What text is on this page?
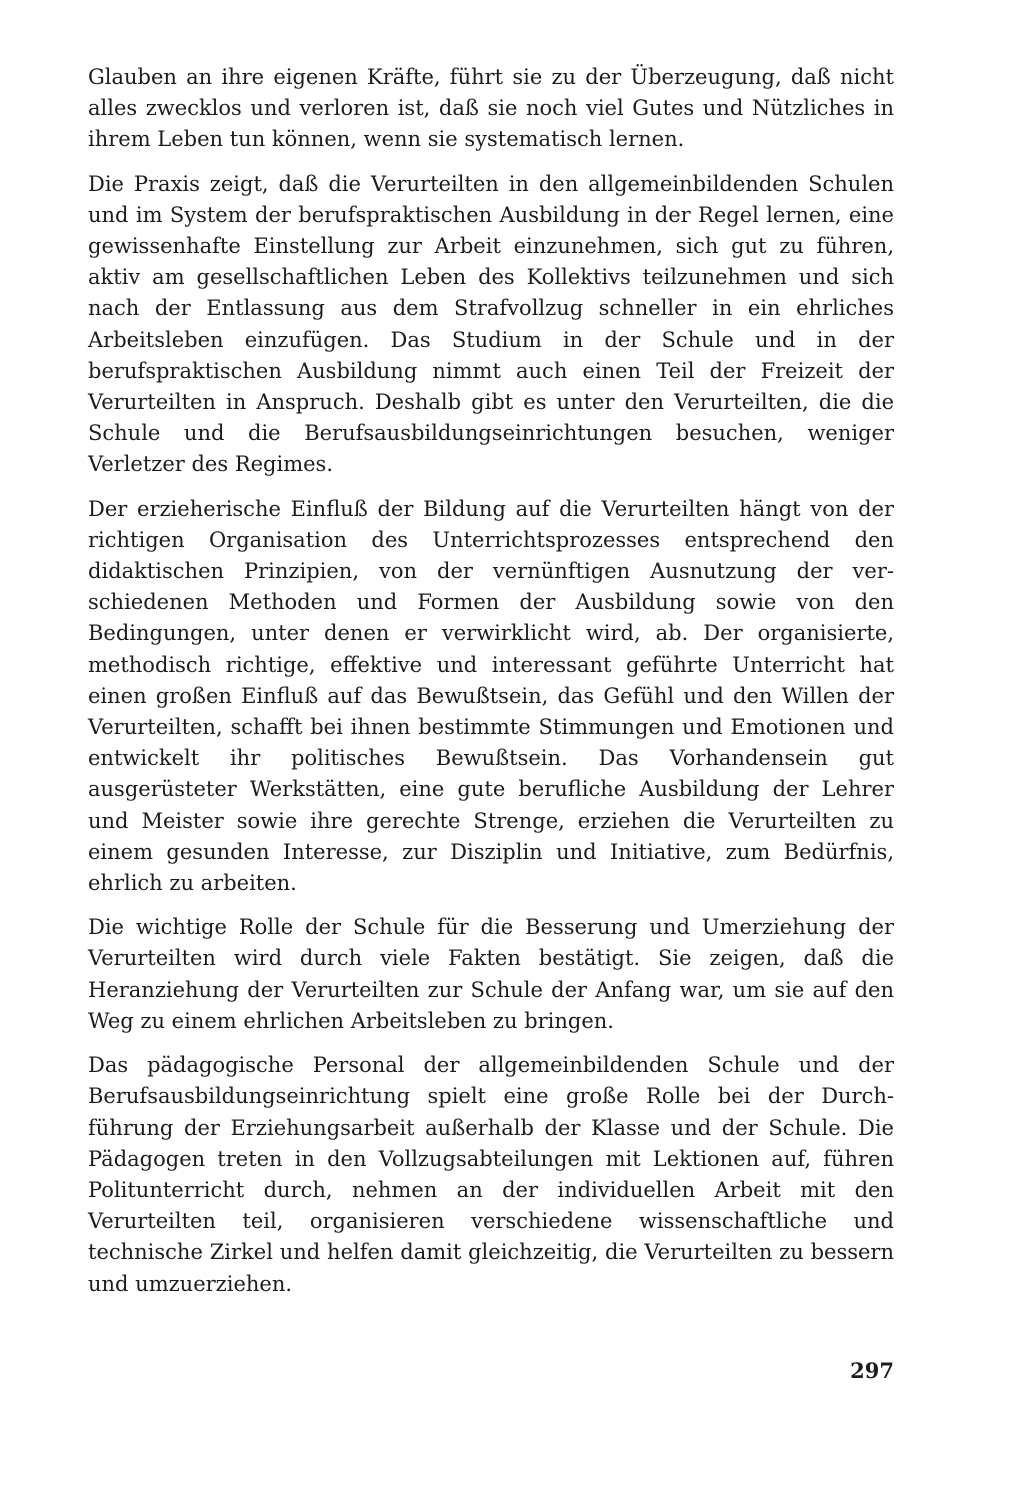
Glauben an ihre eigenen Kräfte, führt sie zu der Überzeugung, daß nicht alles zwecklos und verloren ist, daß sie noch viel Gutes und Nützliches in ihrem Leben tun können, wenn sie systematisch lernen.

Die Praxis zeigt, daß die Verurteilten in den allgemeinbildenden Schulen und im System der berufspraktischen Ausbildung in der Regel lernen, eine gewissenhafte Einstellung zur Arbeit einzunehmen, sich gut zu führen, aktiv am gesellschaftlichen Leben des Kollektivs teilzunehmen und sich nach der Entlassung aus dem Strafvollzug schneller in ein ehrliches Arbeitsleben einzufügen. Das Studium in der Schule und in der berufspraktischen Ausbildung nimmt auch einen Teil der Freizeit der Verurteilten in Anspruch. Deshalb gibt es unter den Verurteilten, die die Schule und die Berufsausbildungseinrichtungen besuchen, weniger Verletzer des Regimes.

Der erzieherische Einfluß der Bildung auf die Verurteilten hängt von der richtigen Organisation des Unterrichtsprozesses entsprechend den didaktischen Prinzipien, von der vernünftigen Ausnutzung der verschiedenen Methoden und Formen der Ausbildung sowie von den Bedingungen, unter denen er verwirklicht wird, ab. Der organisierte, methodisch richtige, effektive und interessant geführte Unterricht hat einen großen Einfluß auf das Bewußtsein, das Gefühl und den Willen der Verurteilten, schafft bei ihnen bestimmte Stimmungen und Emotionen und entwickelt ihr politisches Bewußtsein. Das Vorhandensein gut ausgerüsteter Werkstätten, eine gute berufliche Ausbildung der Lehrer und Meister sowie ihre gerechte Strenge, erziehen die Verurteilten zu einem gesunden Interesse, zur Disziplin und Initiative, zum Bedürfnis, ehrlich zu arbeiten.

Die wichtige Rolle der Schule für die Besserung und Umerziehung der Verurteilten wird durch viele Fakten bestätigt. Sie zeigen, daß die Heranziehung der Verurteilten zur Schule der Anfang war, um sie auf den Weg zu einem ehrlichen Arbeitsleben zu bringen.

Das pädagogische Personal der allgemeinbildenden Schule und der Berufsausbildungseinrichtung spielt eine große Rolle bei der Durchführung der Erziehungsarbeit außerhalb der Klasse und der Schule. Die Pädagogen treten in den Vollzugsabteilungen mit Lektionen auf, führen Politunterricht durch, nehmen an der individuellen Arbeit mit den Verurteilten teil, organisieren verschiedene wissenschaftliche und technische Zirkel und helfen damit gleichzeitig, die Verurteilten zu bessern und umzuerziehen.

297
